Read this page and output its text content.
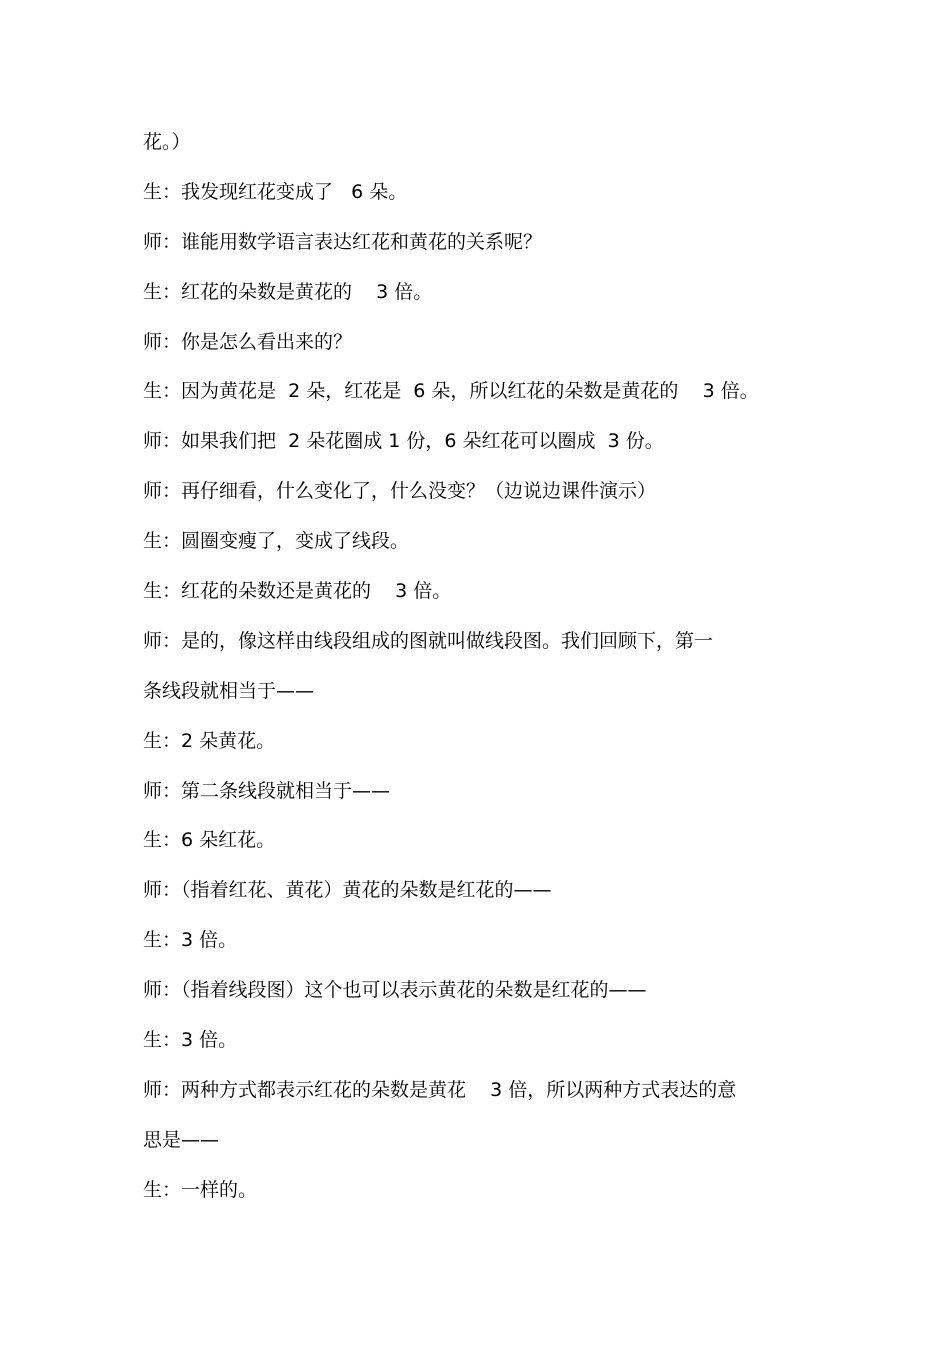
花。）
生：我发现红花变成了   6 朵。
师：谁能用数学语言表达红花和黄花的关系呢？
生：红花的朵数是黄花的    3 倍。
师：你是怎么看出来的？
生：因为黄花是  2 朵，红花是  6 朵，所以红花的朵数是黄花的    3 倍。
师：如果我们把  2 朵花圈成 1 份，6 朵红花可以圈成  3 份。
师：再仔细看，什么变化了，什么没变？（边说边课件演示）
生：圆圈变瘦了，变成了线段。
生：红花的朵数还是黄花的    3 倍。
师：是的，像这样由线段组成的图就叫做线段图。我们回顾下，第一
条线段就相当于——
生：2 朵黄花。
师：第二条线段就相当于——
生：6 朵红花。
师：（指着红花、黄花）黄花的朵数是红花的——
生：3 倍。
师：（指着线段图）这个也可以表示黄花的朵数是红花的——
生：3 倍。
师：两种方式都表示红花的朵数是黄花    3 倍，所以两种方式表达的意
思是——
生：一样的。
